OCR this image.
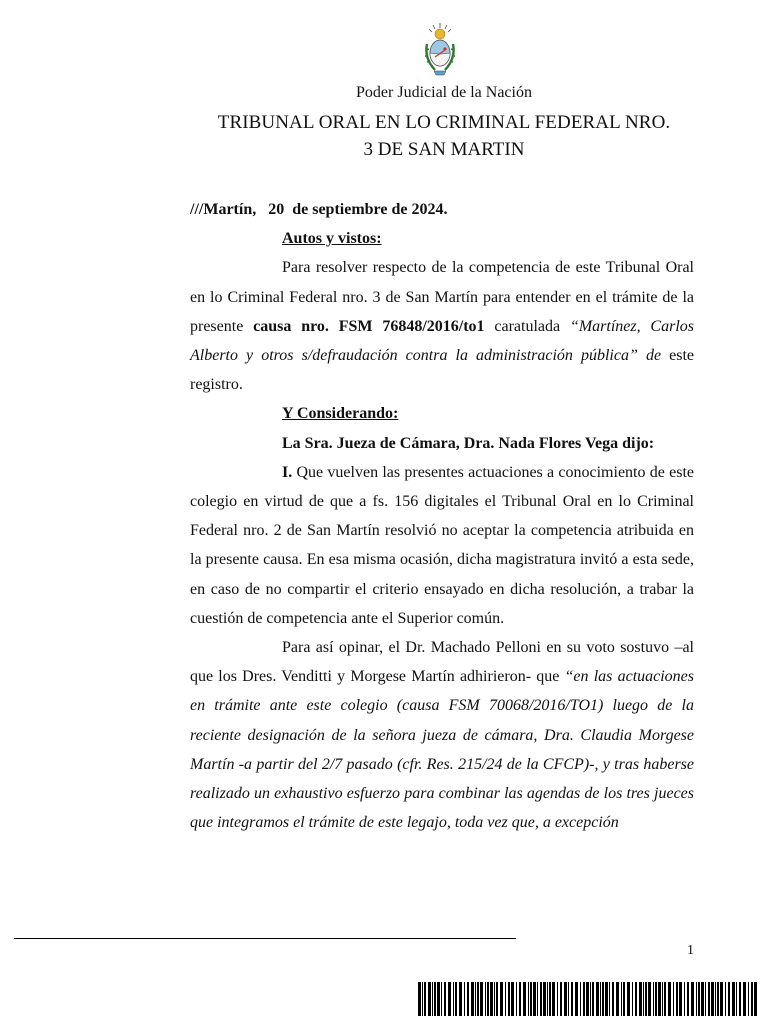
Poder Judicial de la Nación
TRIBUNAL ORAL EN LO CRIMINAL FEDERAL NRO.
3 DE SAN MARTIN

///Martín,   20  de septiembre de 2024.

Autos y vistos:

Para resolver respecto de la competencia de este Tribunal Oral en lo Criminal Federal nro. 3 de San Martín para entender en el trámite de la presente causa nro. FSM 76848/2016/to1 caratulada “Martínez, Carlos Alberto y otros s/defraudación contra la administración pública” de este registro.

Y Considerando:

La Sra. Jueza de Cámara, Dra. Nada Flores Vega dijo:

I. Que vuelven las presentes actuaciones a conocimiento de este colegio en virtud de que a fs. 156 digitales el Tribunal Oral en lo Criminal Federal nro. 2 de San Martín resolvió no aceptar la competencia atribuida en la presente causa. En esa misma ocasión, dicha magistratura invitó a esta sede, en caso de no compartir el criterio ensayado en dicha resolución, a trabar la cuestión de competencia ante el Superior común.

Para así opinar, el Dr. Machado Pelloni en su voto sostuvo –al que los Dres. Venditti y Morgese Martín adhirieron- que “en las actuaciones en trámite ante este colegio (causa FSM 70068/2016/TO1) luego de la reciente designación de la señora jueza de cámara, Dra. Claudia Morgese Martín -a partir del 2/7 pasado (cfr. Res. 215/24 de la CFCP)-, y tras haberse realizado un exhaustivo esfuerzo para combinar las agendas de los tres jueces que integramos el trámite de este legajo, toda vez que, a excepción

1
